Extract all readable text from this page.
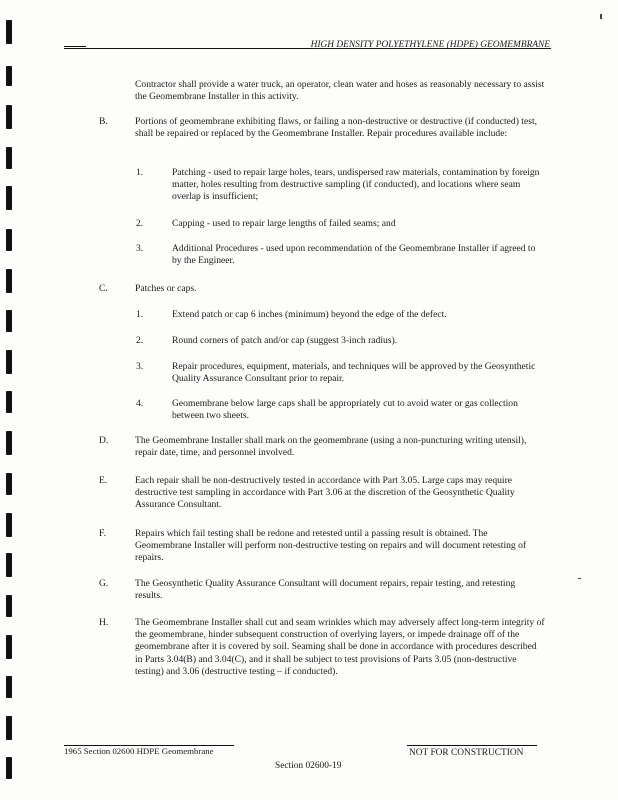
HIGH DENSITY POLYETHYLENE (HDPE) GEOMEMBRANE
Contractor shall provide a water truck, an operator, clean water and hoses as reasonably necessary to assist the Geomembrane Installer in this activity.
B.	Portions of geomembrane exhibiting flaws, or failing a non-destructive or destructive (if conducted) test, shall be repaired or replaced by the Geomembrane Installer. Repair procedures available include:
1.	Patching - used to repair large holes, tears, undispersed raw materials, contamination by foreign matter, holes resulting from destructive sampling (if conducted), and locations where seam overlap is insufficient;
2.	Capping - used to repair large lengths of failed seams; and
3.	Additional Procedures - used upon recommendation of the Geomembrane Installer if agreed to by the Engineer.
C.	Patches or caps.
1.	Extend patch or cap 6 inches (minimum) beyond the edge of the defect.
2.	Round corners of patch and/or cap (suggest 3-inch radius).
3.	Repair procedures, equipment, materials, and techniques will be approved by the Geosynthetic Quality Assurance Consultant prior to repair.
4.	Geomembrane below large caps shall be appropriately cut to avoid water or gas collection between two sheets.
D.	The Geomembrane Installer shall mark on the geomembrane (using a non-puncturing writing utensil), repair date, time, and personnel involved.
E.	Each repair shall be non-destructively tested in accordance with Part 3.05. Large caps may require destructive test sampling in accordance with Part 3.06 at the discretion of the Geosynthetic Quality Assurance Consultant.
F.	Repairs which fail testing shall be redone and retested until a passing result is obtained. The Geomembrane Installer will perform non-destructive testing on repairs and will document retesting of repairs.
G.	The Geosynthetic Quality Assurance Consultant will document repairs, repair testing, and retesting results.
H.	The Geomembrane Installer shall cut and seam wrinkles which may adversely affect long-term integrity of the geomembrane, hinder subsequent construction of overlying layers, or impede drainage off of the geomembrane after it is covered by soil. Seaming shall be done in accordance with procedures described in Parts 3.04(B) and 3.04(C), and it shall be subject to test provisions of Parts 3.05 (non-destructive testing) and 3.06 (destructive testing – if conducted).
1965 Section 02600 HDPE Geomembrane	NOT FOR CONSTRUCTION
Section 02600-19
